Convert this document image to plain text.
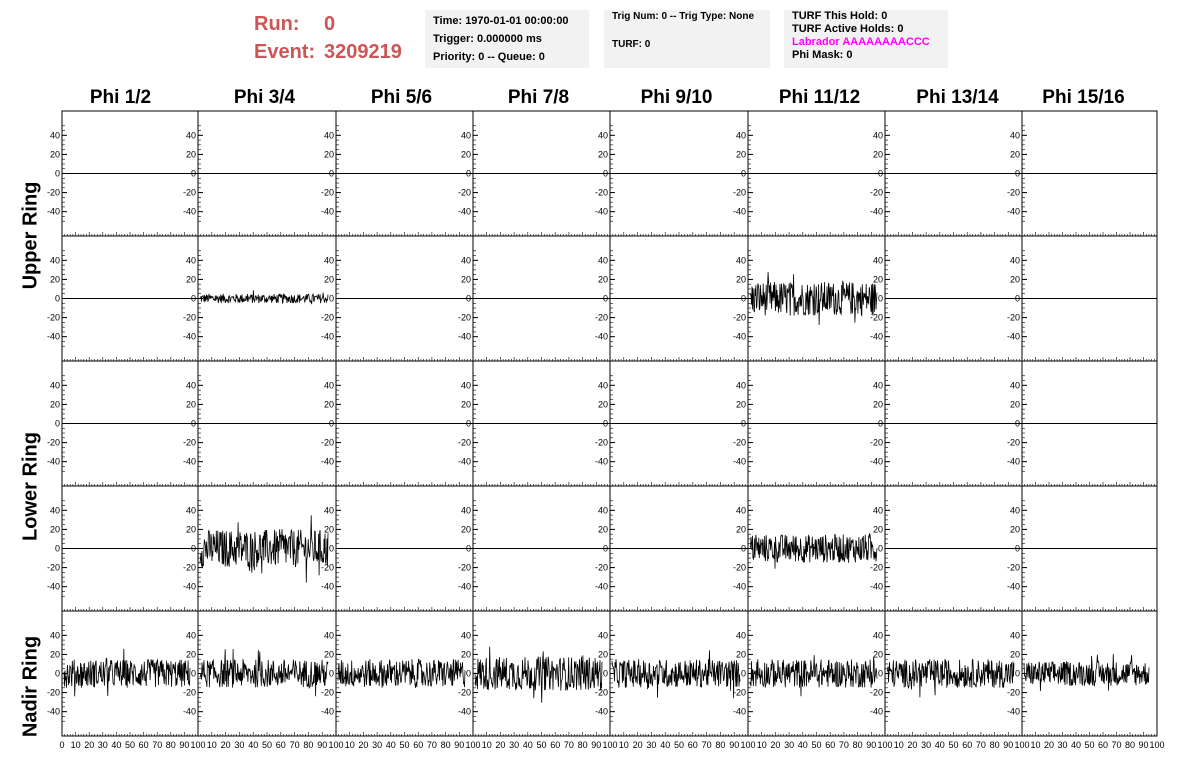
Run:	0
Event: 3209219
Time: 1970-01-01 00:00:00
Trigger: 0.000000 ms
Priority: 0 -- Queue: 0
Trig Num: 0 -- Trig Type: None
TURF: 0
TURF This Hold: 0
TURF Active Holds: 0
Labrador AAAAAAAACCC
Phi Mask: 0
Phi 1/2	Phi 3/4	Phi 5/6	Phi 7/8	Phi 9/10	Phi 11/12	Phi 13/14	Phi 15/16
Upper Ring
Lower Ring
Nadir Ring
40
20
0
-20
-40
40
20
0
-20
-40
40
20
0
-20
-40
40
20
0
-20
-40
40
20
0
-20
-40
40
20
0
-20
-40
40
20
0
-20
-40
40
20
0
-20
-40
40
20
0
-20
-40
40
20
0
-20
-40
40
20
0
-20
-40
40
20
0
-20
-40
40
20
0
-20
-40
40
20
0
-20
-40
40
20
0
-20
-40
40
20
0
-20
-40
40
20
0
-20
-40
40
20
0
-20
-40
40
20
0
-20
-40
40
20
0
-20
-40
40
20
0
-20
-40
40
20
0
-20
-40
40
20
0
-20
-40
40
20
0
-20
-40
40
20
0
-20
-40
40
20
0
-20
-40
40
20
0
-20
-40
40
20
0
-20
-40
40
20
0
-20
-40
40
20
0
-20
-40
40
20
0
-20
-40
40
20
0
-20
-40
40
20
0
-20
-40
40
20
0
-20
-40
40
20
0
-20
-40
40
20
0
-20
-40
40
20
0
-20
-40
40
20
0
-20
-40
40
20
0
-20
-40
40
20
0
-20
-40
0 10 20 30 40 50 60 70 80 90 100 10 20 30 40 50 60 70 80 90 100 10 20 30 40 50 60 70 80 90 100 10 20 30 40 50 60 70 80 90 100 10 20 30 40 50 60 70 80 90 100 10 20 30 40 50 60 70 80 90 100 10 20 30 40 50 60 70 80 90 100 10 20 30 40 50 60 70 80 90 100
